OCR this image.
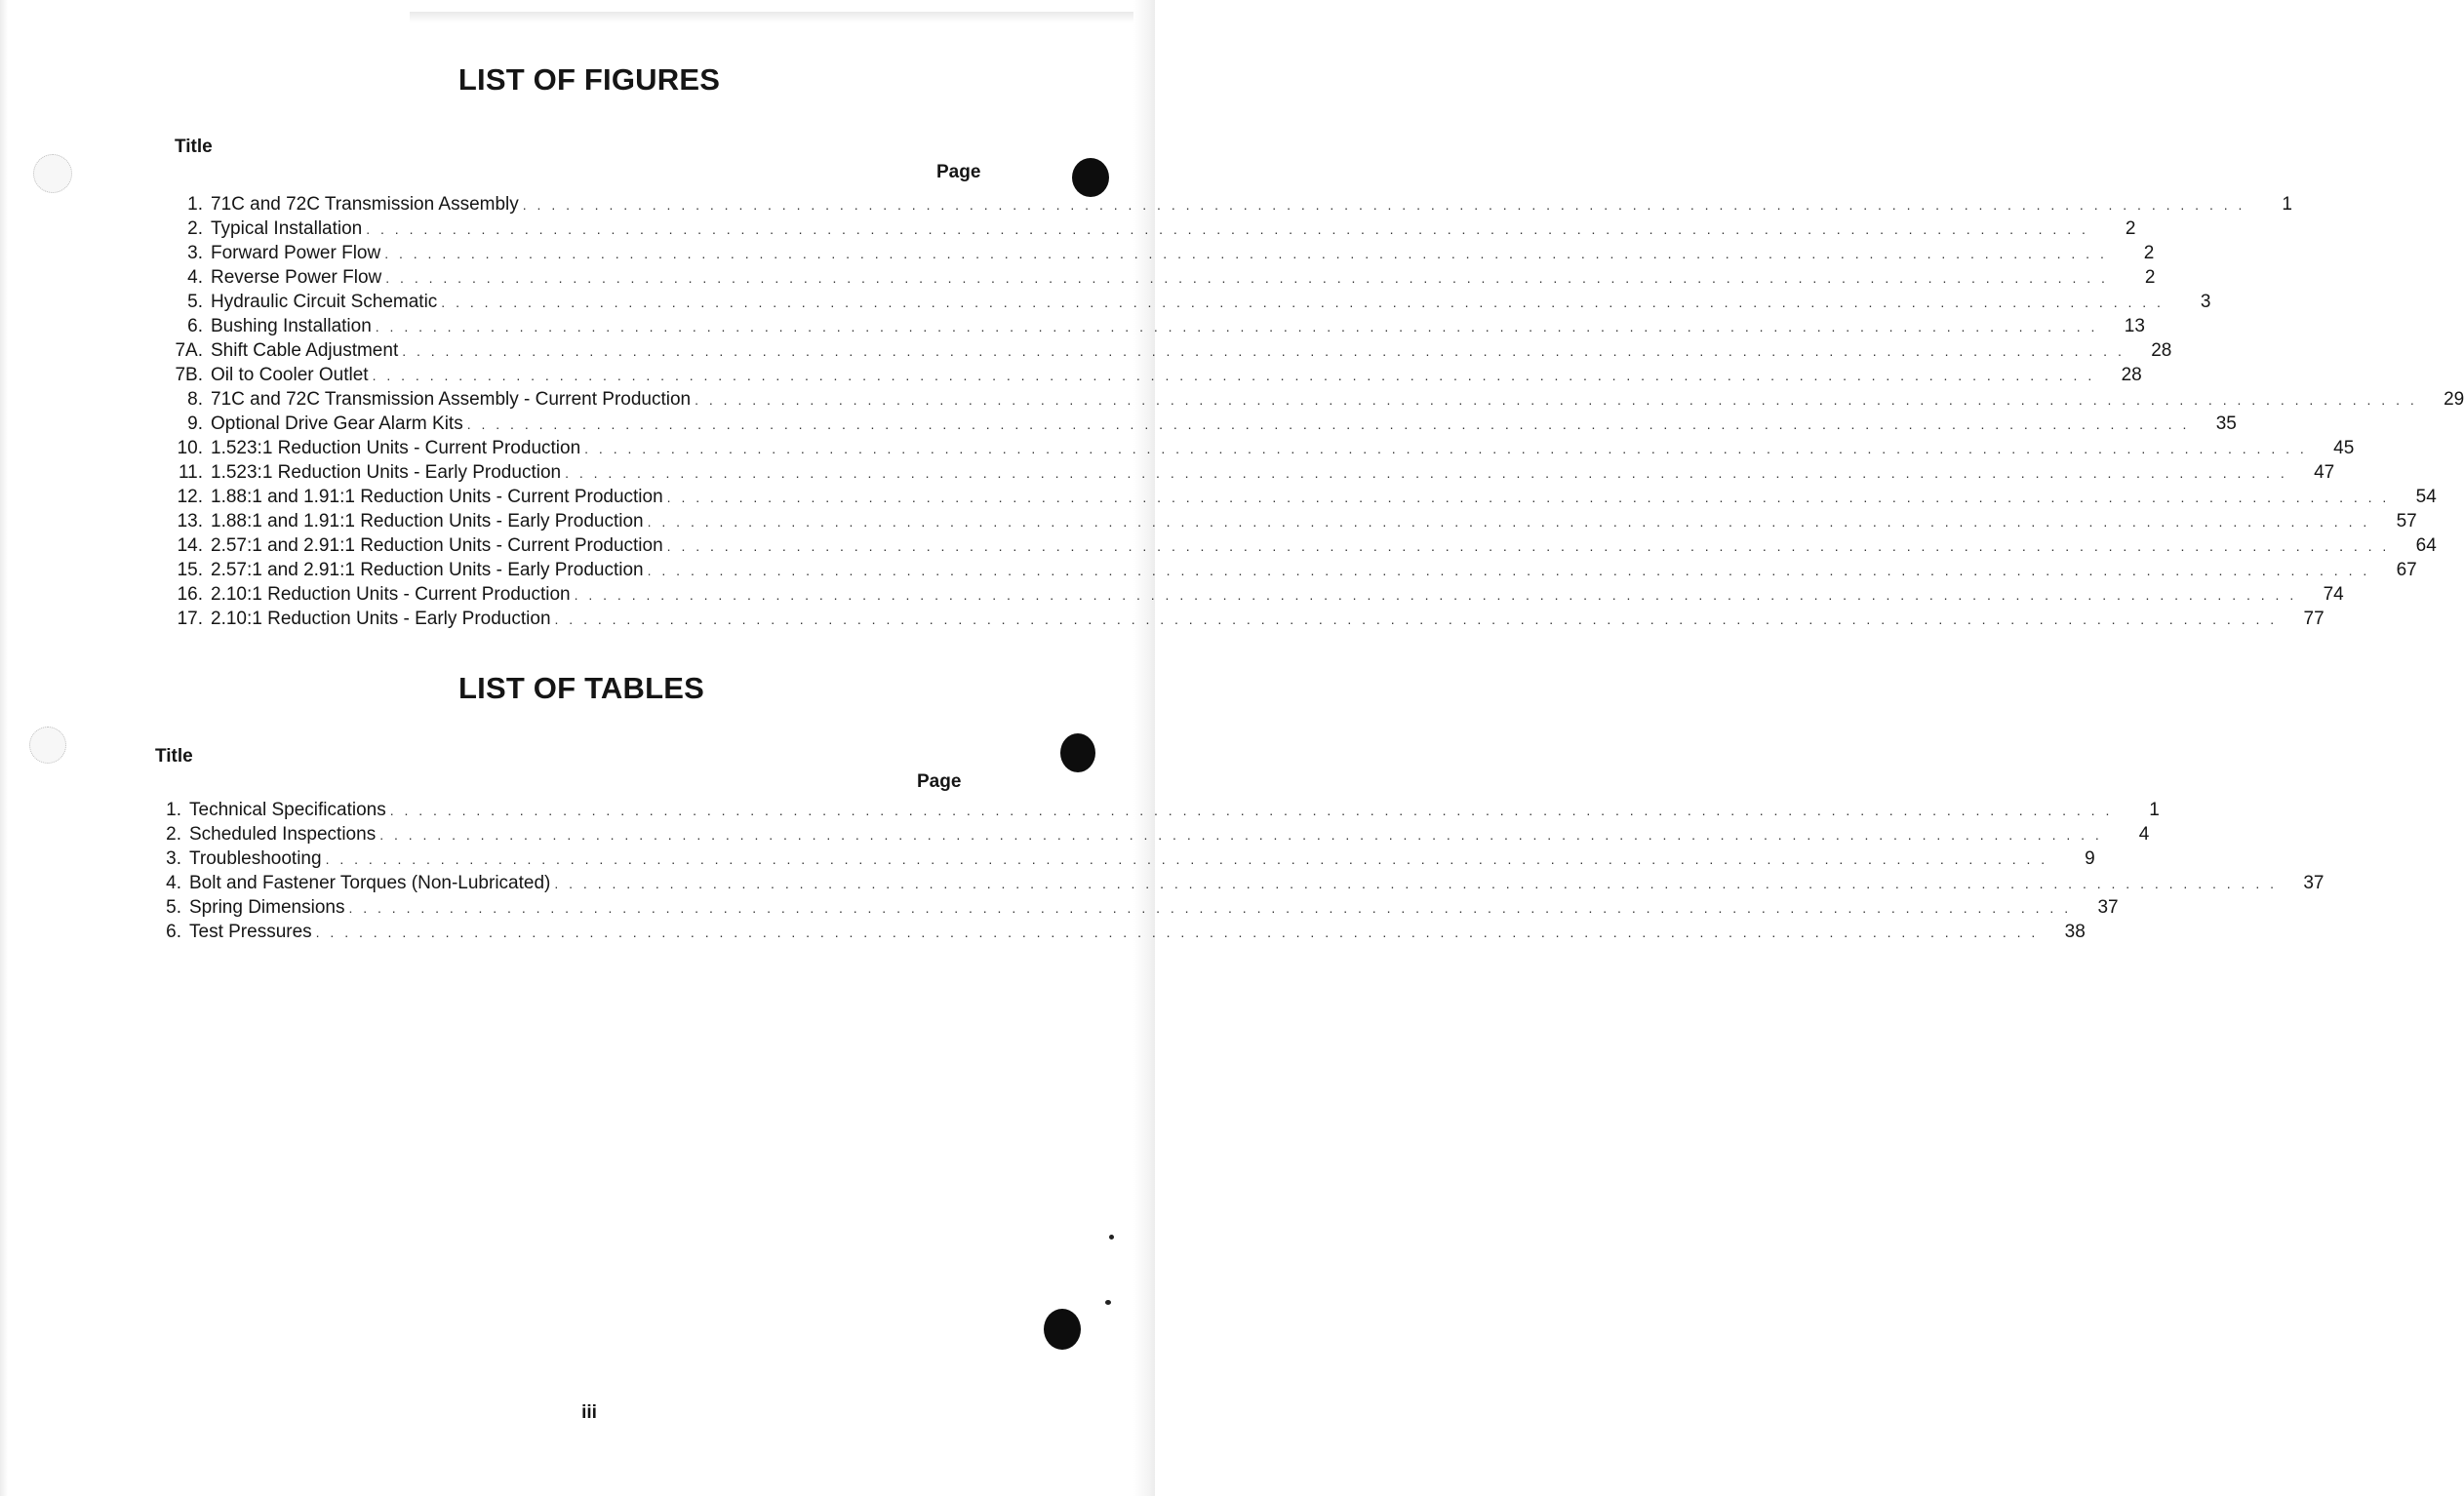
LIST OF FIGURES
Title
Page
1. 71C and 72C Transmission Assembly . . . . . . . . . . . . . . . . . . . . . . . . . . . . . . . . . . . . . . . . . . . . . . . . . . . . . . . . . . . . . . . . . . . . . . . . . . . . . . . . . . . . . . . . . . . . . . . . . . . . . . . . . . . . . . . . . . . . . . . .	1
2. Typical Installation . . . . . . . . . . . . . . . . . . . . . . . . . . . . . . . . . . . . . . . . . . . . . . . . . . . . . . . . . . . . . . . . . . . . . . . . . . . . . . . . . . . . . . . . . . . . . . . . . . . . . . . . . . . . . . . . . . . . . . . .	2
3. Forward Power Flow . . . . . . . . . . . . . . . . . . . . . . . . . . . . . . . . . . . . . . . . . . . . . . . . . . . . . . . . . . . . . . . . . . . . . . . . . . . . . . . . . . . . . . . . . . . . . . . . . . . . . . . . . . . . . . . . . . . . . . . .	2
4. Reverse Power Flow . . . . . . . . . . . . . . . . . . . . . . . . . . . . . . . . . . . . . . . . . . . . . . . . . . . . . . . . . . . . . . . . . . . . . . . . . . . . . . . . . . . . . . . . . . . . . . . . . . . . . . . . . . . . . . . . . . . . . . . .	2
5. Hydraulic Circuit Schematic . . . . . . . . . . . . . . . . . . . . . . . . . . . . . . . . . . . . . . . . . . . . . . . . . . . . . . . . . . . . . . . . . . . . . . . . . . . . . . . . . . . . . . . . . . . . . . . . . . . . . . . . . . . . . . . . . . . . . . . .	3
6. Bushing Installation . . . . . . . . . . . . . . . . . . . . . . . . . . . . . . . . . . . . . . . . . . . . . . . . . . . . . . . . . . . . . . . . . . . . . . . . . . . . . . . . . . . . . . . . . . . . . . . . . . . . . . . . . . . . . . . . . . . . . . . .	13
7A. Shift Cable Adjustment . . . . . . . . . . . . . . . . . . . . . . . . . . . . . . . . . . . . . . . . . . . . . . . . . . . . . . . . . . . . . . . . . . . . . . . . . . . . . . . . . . . . . . . . . . . . . . . . . . . . . . . . . . . . . . . . . . . . . . . .	28
7B. Oil to Cooler Outlet . . . . . . . . . . . . . . . . . . . . . . . . . . . . . . . . . . . . . . . . . . . . . . . . . . . . . . . . . . . . . . . . . . . . . . . . . . . . . . . . . . . . . . . . . . . . . . . . . . . . . . . . . . . . . . . . . . . . . . . .	28
8. 71C and 72C Transmission Assembly - Current Production . . . . . . . . . . . . . . . . . . . . . . . . . . . . . . . . . . . . . . . . . . . . . . . . . . . . . . . . . . . . . . . . . . . . . . . . . . . . . . . . . . . . . . . . . . . . . . . . . . . . . . . . . . . . . . . . . . . . . . . .	29
9. Optional Drive Gear Alarm Kits . . . . . . . . . . . . . . . . . . . . . . . . . . . . . . . . . . . . . . . . . . . . . . . . . . . . . . . . . . . . . . . . . . . . . . . . . . . . . . . . . . . . . . . . . . . . . . . . . . . . . . . . . . . . . . . . . . . . . . . .	35
10. 1.523:1 Reduction Units - Current Production . . . . . . . . . . . . . . . . . . . . . . . . . . . . . . . . . . . . . . . . . . . . . . . . . . . . . . . . . . . . . . . . . . . . . . . . . . . . . . . . . . . . . . . . . . . . . . . . . . . . . . . . . . . . . . . . . . . . . . . .	45
11. 1.523:1 Reduction Units - Early Production . . . . . . . . . . . . . . . . . . . . . . . . . . . . . . . . . . . . . . . . . . . . . . . . . . . . . . . . . . . . . . . . . . . . . . . . . . . . . . . . . . . . . . . . . . . . . . . . . . . . . . . . . . . . . . . . . . . . . . . .	47
12. 1.88:1 and 1.91:1 Reduction Units - Current Production . . . . . . . . . . . . . . . . . . . . . . . . . . . . . . . . . . . . . . . . . . . . . . . . . . . . . . . . . . . . . . . . . . . . . . . . . . . . . . . . . . . . . . . . . . . . . . . . . . . . . . . . . . . . . . . . . . . . . . . .	54
13. 1.88:1 and 1.91:1 Reduction Units - Early Production . . . . . . . . . . . . . . . . . . . . . . . . . . . . . . . . . . . . . . . . . . . . . . . . . . . . . . . . . . . . . . . . . . . . . . . . . . . . . . . . . . . . . . . . . . . . . . . . . . . . . . . . . . . . . . . . . . . . . . . .	57
14. 2.57:1 and 2.91:1 Reduction Units - Current Production . . . . . . . . . . . . . . . . . . . . . . . . . . . . . . . . . . . . . . . . . . . . . . . . . . . . . . . . . . . . . . . . . . . . . . . . . . . . . . . . . . . . . . . . . . . . . . . . . . . . . . . . . . . . . . . . . . . . . . . .	64
15. 2.57:1 and 2.91:1 Reduction Units - Early Production . . . . . . . . . . . . . . . . . . . . . . . . . . . . . . . . . . . . . . . . . . . . . . . . . . . . . . . . . . . . . . . . . . . . . . . . . . . . . . . . . . . . . . . . . . . . . . . . . . . . . . . . . . . . . . . . . . . . . . . .	67
16. 2.10:1 Reduction Units - Current Production . . . . . . . . . . . . . . . . . . . . . . . . . . . . . . . . . . . . . . . . . . . . . . . . . . . . . . . . . . . . . . . . . . . . . . . . . . . . . . . . . . . . . . . . . . . . . . . . . . . . . . . . . . . . . . . . . . . . . . . .	74
17. 2.10:1 Reduction Units - Early Production . . . . . . . . . . . . . . . . . . . . . . . . . . . . . . . . . . . . . . . . . . . . . . . . . . . . . . . . . . . . . . . . . . . . . . . . . . . . . . . . . . . . . . . . . . . . . . . . . . . . . . . . . . . . . . . . . . . . . . . .	77
LIST OF TABLES
Title
Page
1. Technical Specifications . . . . . . . . . . . . . . . . . . . . . . . . . . . . . . . . . . . . . . . . . . . . . . . . . . . . . . . . . . . . . . . . . . . . . . . . . . . . . . . . . . . . . . . . . . . . . . . . . . . . . . . . . . . . . . . . . . . . . . . .	1
2. Scheduled Inspections . . . . . . . . . . . . . . . . . . . . . . . . . . . . . . . . . . . . . . . . . . . . . . . . . . . . . . . . . . . . . . . . . . . . . . . . . . . . . . . . . . . . . . . . . . . . . . . . . . . . . . . . . . . . . . . . . . . . . . . .	4
3. Troubleshooting . . . . . . . . . . . . . . . . . . . . . . . . . . . . . . . . . . . . . . . . . . . . . . . . . . . . . . . . . . . . . . . . . . . . . . . . . . . . . . . . . . . . . . . . . . . . . . . . . . . . . . . . . . . . . . . . . . . . . . . .	9
4. Bolt and Fastener Torques (Non-Lubricated) . . . . . . . . . . . . . . . . . . . . . . . . . . . . . . . . . . . . . . . . . . . . . . . . . . . . . . . . . . . . . . . . . . . . . . . . . . . . . . . . . . . . . . . . . . . . . . . . . . . . . . . . . . . . . . . . . . . . . . . .	37
5. Spring Dimensions . . . . . . . . . . . . . . . . . . . . . . . . . . . . . . . . . . . . . . . . . . . . . . . . . . . . . . . . . . . . . . . . . . . . . . . . . . . . . . . . . . . . . . . . . . . . . . . . . . . . . . . . . . . . . . . . . . . . . . . .	37
6. Test Pressures . . . . . . . . . . . . . . . . . . . . . . . . . . . . . . . . . . . . . . . . . . . . . . . . . . . . . . . . . . . . . . . . . . . . . . . . . . . . . . . . . . . . . . . . . . . . . . . . . . . . . . . . . . . . . . . . . . . . . . . .	38
iii
